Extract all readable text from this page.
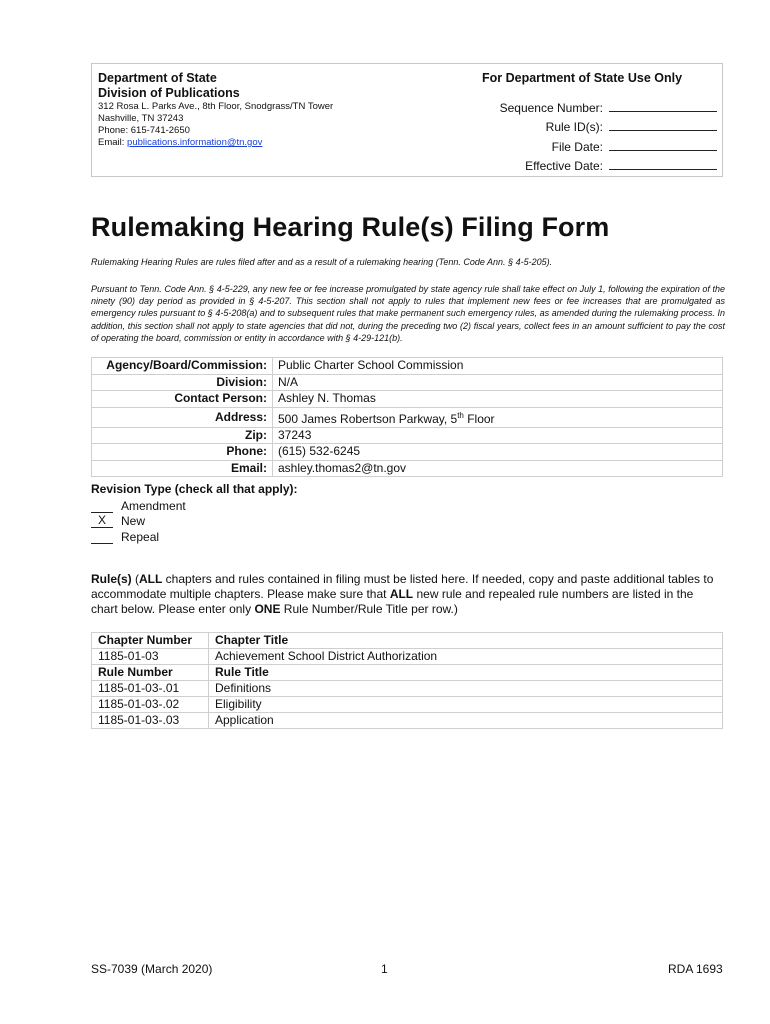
Department of State
Division of Publications
312 Rosa L. Parks Ave., 8th Floor, Snodgrass/TN Tower
Nashville, TN 37243
Phone: 615-741-2650
Email: publications.information@tn.gov
For Department of State Use Only
Sequence Number:
Rule ID(s):
File Date:
Effective Date:
Rulemaking Hearing Rule(s) Filing Form
Rulemaking Hearing Rules are rules filed after and as a result of a rulemaking hearing (Tenn. Code Ann. § 4-5-205).
Pursuant to Tenn. Code Ann. § 4-5-229, any new fee or fee increase promulgated by state agency rule shall take effect on July 1, following the expiration of the ninety (90) day period as provided in § 4-5-207. This section shall not apply to rules that implement new fees or fee increases that are promulgated as emergency rules pursuant to § 4-5-208(a) and to subsequent rules that make permanent such emergency rules, as amended during the rulemaking process. In addition, this section shall not apply to state agencies that did not, during the preceding two (2) fiscal years, collect fees in an amount sufficient to pay the cost of operating the board, commission or entity in accordance with § 4-29-121(b).
Agency/Board/Commission:	Public Charter School Commission
Division:	N/A
Contact Person:	Ashley N. Thomas
Address:	500 James Robertson Parkway, 5th Floor
Zip:	37243
Phone:	(615) 532-6245
Email:	ashley.thomas2@tn.gov
Revision Type (check all that apply):
Amendment
X	New
Repeal
Rule(s) (ALL chapters and rules contained in filing must be listed here. If needed, copy and paste additional tables to accommodate multiple chapters. Please make sure that ALL new rule and repealed rule numbers are listed in the chart below. Please enter only ONE Rule Number/Rule Title per row.)
Chapter Number	Chapter Title
1185-01-03	Achievement School District Authorization
Rule Number	Rule Title
1185-01-03-.01	Definitions
1185-01-03-.02	Eligibility
1185-01-03-.03	Application
SS-7039 (March 2020)	1	RDA 1693
